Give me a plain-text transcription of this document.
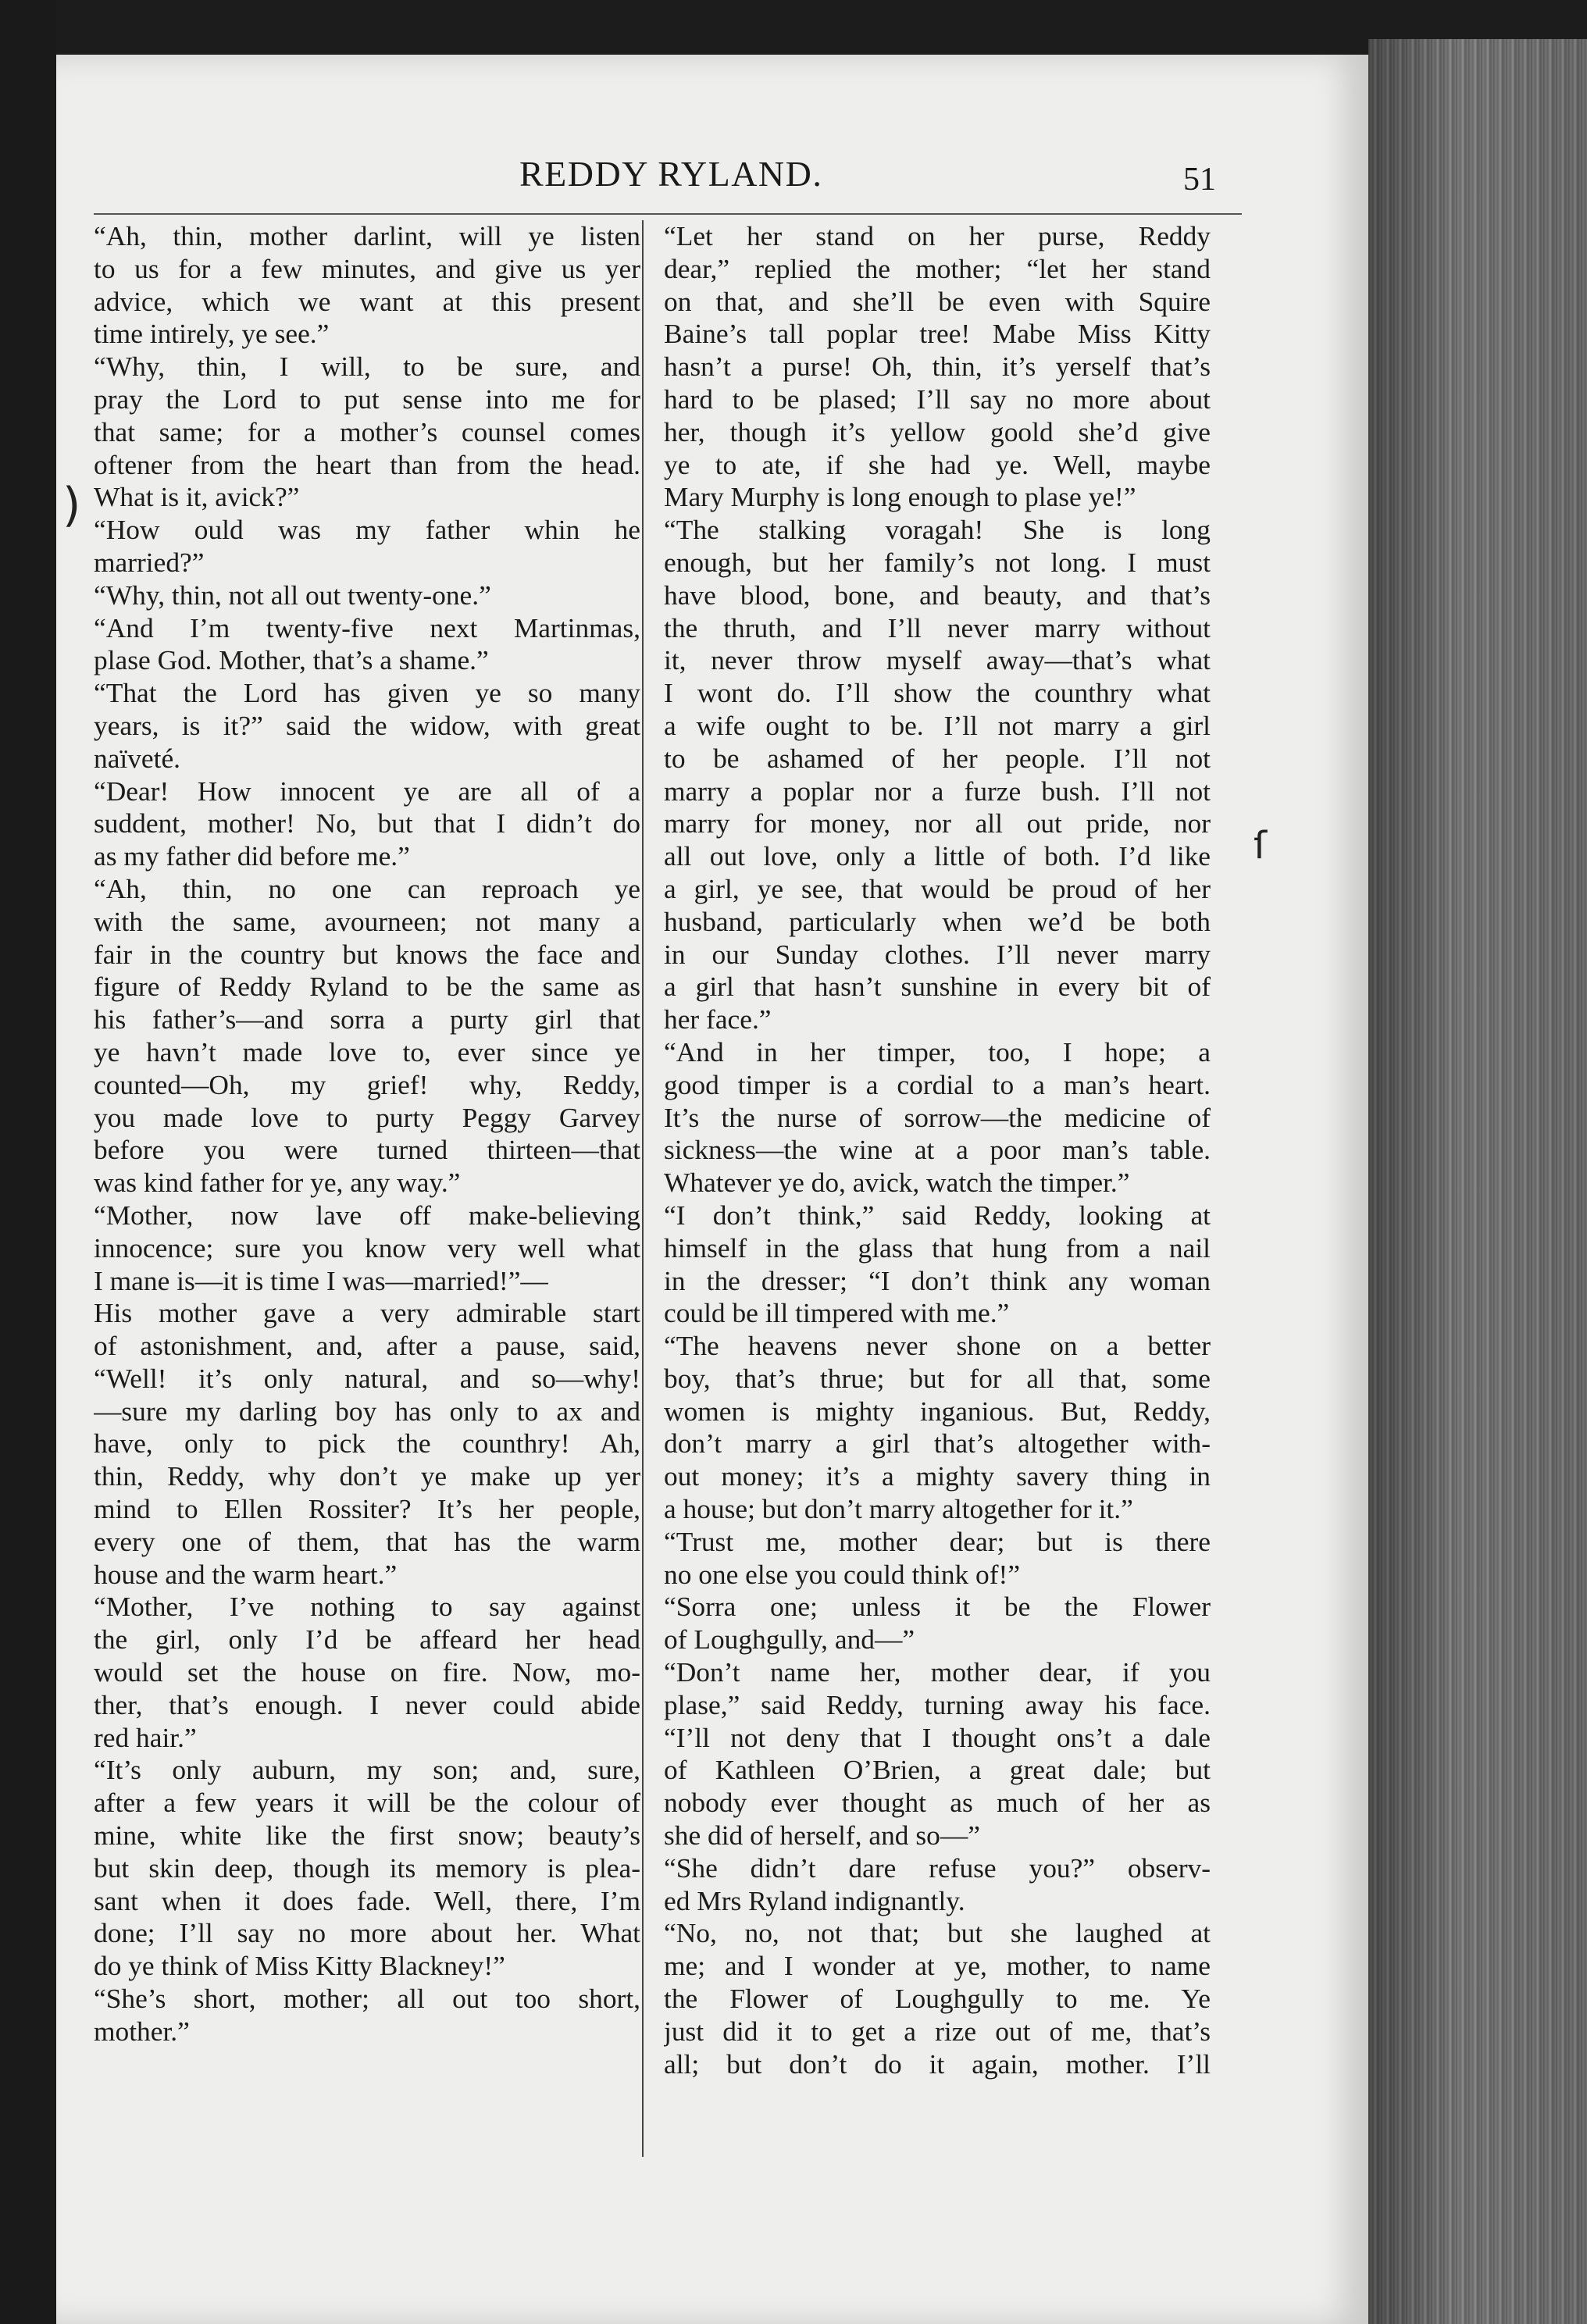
REDDY RYLAND.	51
“Ah, thin, mother darlint, will ye listen
to us for a few minutes, and give us yer
advice, which we want at this present
time intirely, ye see.”
“Why, thin, I will, to be sure, and
pray the Lord to put sense into me for
that same; for a mother’s counsel comes
oftener from the heart than from the head.
What is it, avick?”
“How ould was my father whin he
married?”
“Why, thin, not all out twenty-one.”
“And I’m twenty-five next Martinmas,
plase God. Mother, that’s a shame.”
“That the Lord has given ye so many
years, is it?” said the widow, with great
naïveté.
“Dear! How innocent ye are all of a
suddent, mother! No, but that I didn’t do
as my father did before me.”
“Ah, thin, no one can reproach ye
with the same, avourneen; not many a
fair in the country but knows the face and
figure of Reddy Ryland to be the same as
his father’s—and sorra a purty girl that
ye havn’t made love to, ever since ye
counted—Oh, my grief! why, Reddy,
you made love to purty Peggy Garvey
before you were turned thirteen—that
was kind father for ye, any way.”
“Mother, now lave off make-believing
innocence; sure you know very well what
I mane is—it is time I was—married!”—
His mother gave a very admirable start
of astonishment, and, after a pause, said,
“Well! it’s only natural, and so—why!
—sure my darling boy has only to ax and
have, only to pick the counthry! Ah,
thin, Reddy, why don’t ye make up yer
mind to Ellen Rossiter? It’s her people,
every one of them, that has the warm
house and the warm heart.”
“Mother, I’ve nothing to say against
the girl, only I’d be affeard her head
would set the house on fire. Now, mo-
ther, that’s enough. I never could abide
red hair.”
“It’s only auburn, my son; and, sure,
after a few years it will be the colour of
mine, white like the first snow; beauty’s
but skin deep, though its memory is plea-
sant when it does fade. Well, there, I’m
done; I’ll say no more about her. What
do ye think of Miss Kitty Blackney!”
“She’s short, mother; all out too short,
mother.”
“Let her stand on her purse, Reddy
dear,” replied the mother; “let her stand
on that, and she’ll be even with Squire
Baine’s tall poplar tree! Mabe Miss Kitty
hasn’t a purse! Oh, thin, it’s yerself that’s
hard to be plased; I’ll say no more about
her, though it’s yellow goold she’d give
ye to ate, if she had ye. Well, maybe
Mary Murphy is long enough to plase ye!”
“The stalking voragah! She is long
enough, but her family’s not long. I must
have blood, bone, and beauty, and that’s
the thruth, and I’ll never marry without
it, never throw myself away—that’s what
I wont do. I’ll show the counthry what
a wife ought to be. I’ll not marry a girl
to be ashamed of her people. I’ll not
marry a poplar nor a furze bush. I’ll not
marry for money, nor all out pride, nor
all out love, only a little of both. I’d like
a girl, ye see, that would be proud of her
husband, particularly when we’d be both
in our Sunday clothes. I’ll never marry
a girl that hasn’t sunshine in every bit of
her face.”
“And in her timper, too, I hope; a
good timper is a cordial to a man’s heart.
It’s the nurse of sorrow—the medicine of
sickness—the wine at a poor man’s table.
Whatever ye do, avick, watch the timper.”
“I don’t think,” said Reddy, looking at
himself in the glass that hung from a nail
in the dresser; “I don’t think any woman
could be ill timpered with me.”
“The heavens never shone on a better
boy, that’s thrue; but for all that, some
women is mighty inganious. But, Reddy,
don’t marry a girl that’s altogether with-
out money; it’s a mighty savery thing in
a house; but don’t marry altogether for it.”
“Trust me, mother dear; but is there
no one else you could think of!”
“Sorra one; unless it be the Flower
of Loughgully, and—”
“Don’t name her, mother dear, if you
plase,” said Reddy, turning away his face.
“I’ll not deny that I thought ons’t a dale
of Kathleen O’Brien, a great dale; but
nobody ever thought as much of her as
she did of herself, and so—”
“She didn’t dare refuse you?” observ-
ed Mrs Ryland indignantly.
“No, no, not that; but she laughed at
me; and I wonder at ye, mother, to name
the Flower of Loughgully to me. Ye
just did it to get a rize out of me, that’s
all; but don’t do it again, mother. I’ll
)
ſ
